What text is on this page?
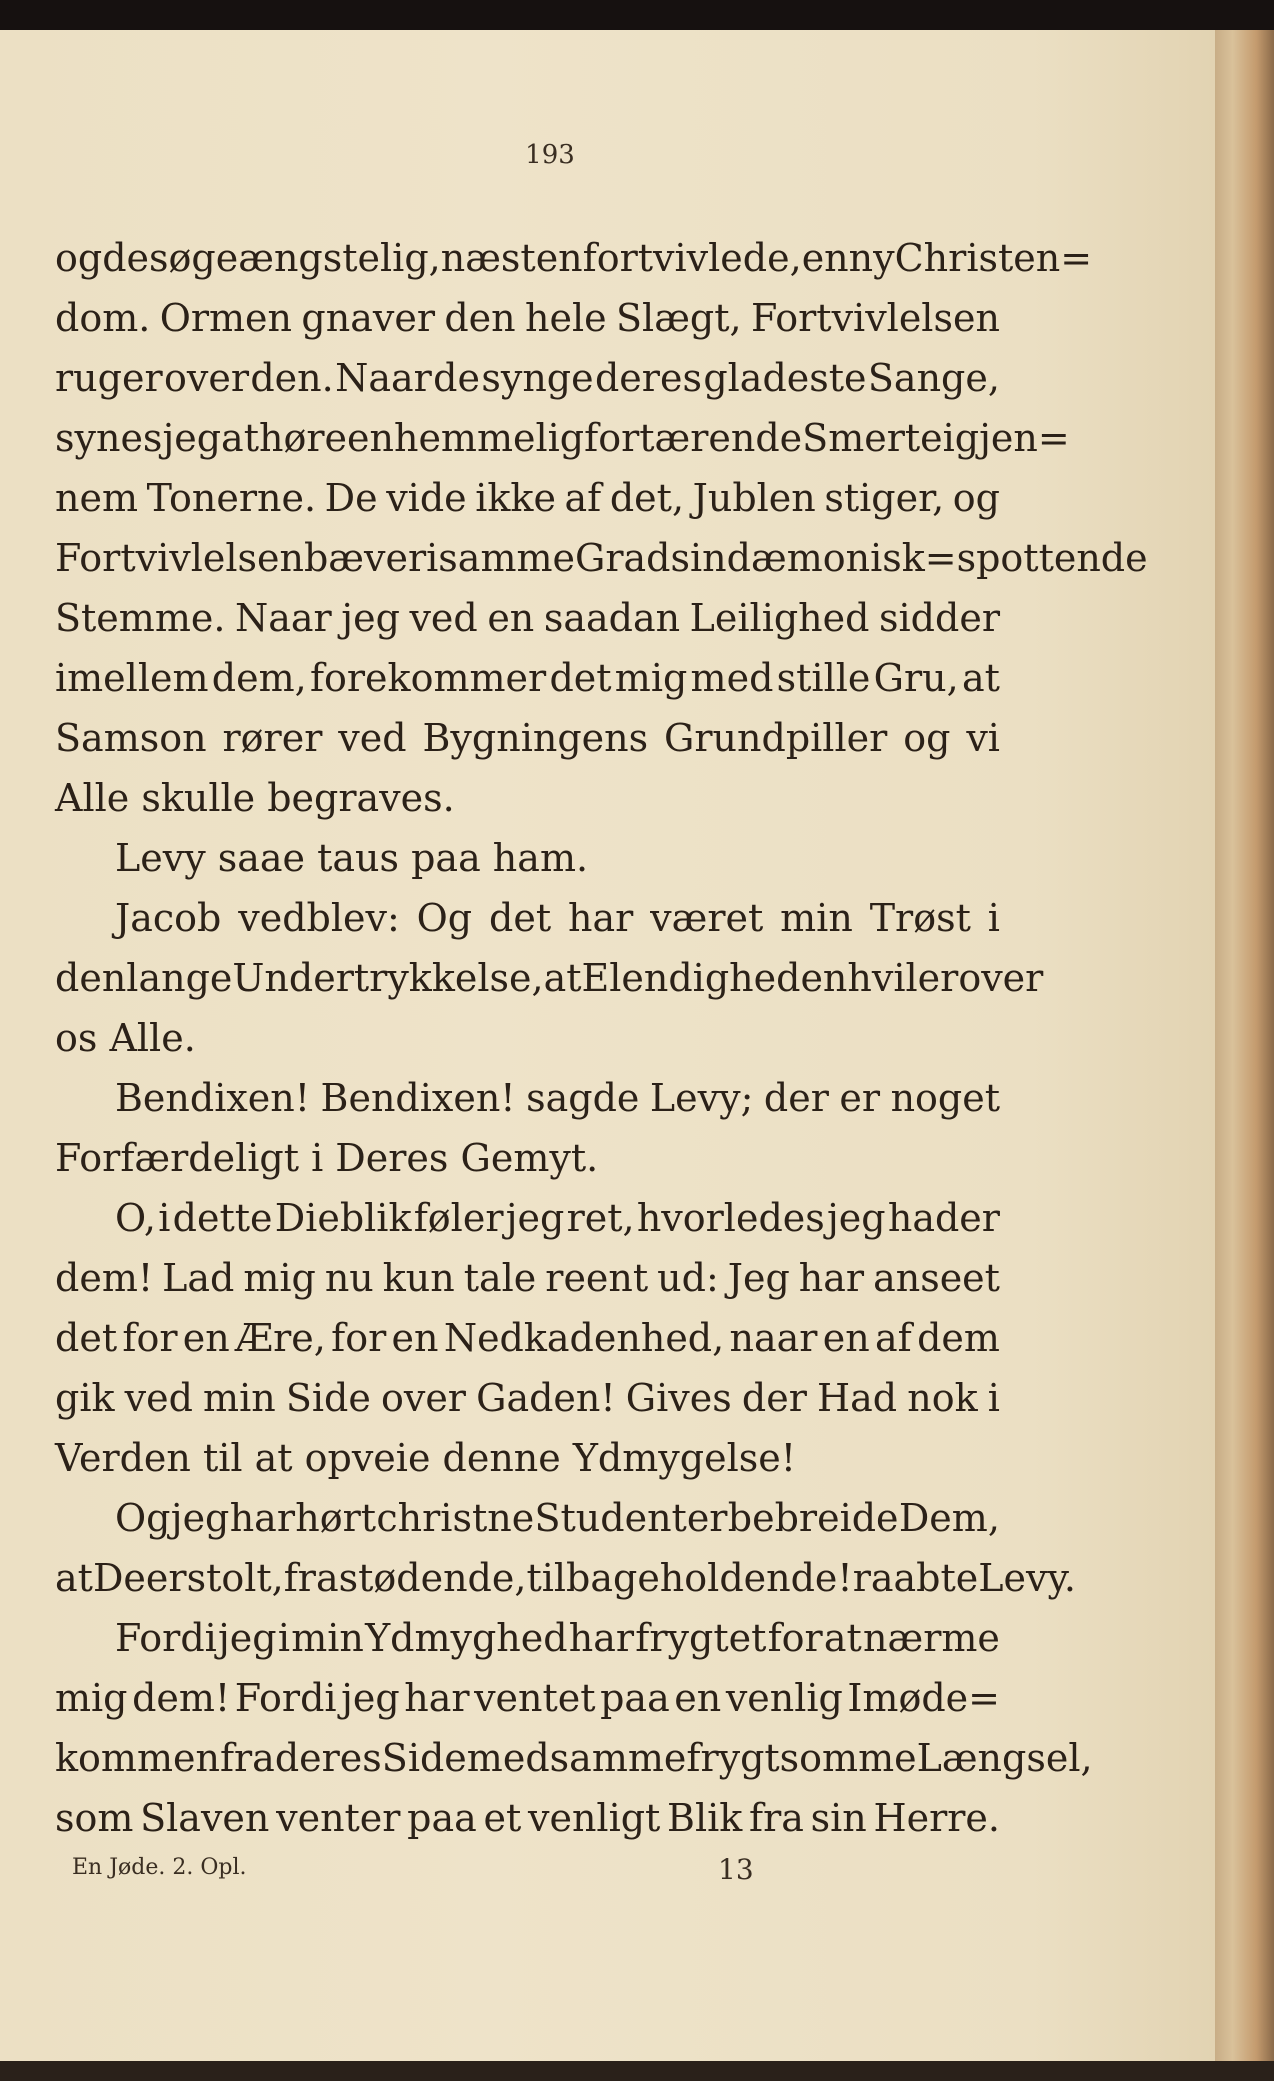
193
og de søge ængstelig, næsten fortvivlede, en ny Christen=
dom. Ormen gnaver den hele Slægt, Fortvivlelsen
ruger over den. Naar de synge deres gladeste Sange,
synes jeg at høre en hemmelig fortærende Smerte igjen=
nem Tonerne. De vide ikke af det, Jublen stiger, og
Fortvivlelsen bæver i samme Grad sin dæmonisk=spottende
Stemme. Naar jeg ved en saadan Leilighed sidder
imellem dem, forekommer det mig med stille Gru, at
Samson rører ved Bygningens Grundpiller og vi
Alle skulle begraves.
Levy saae taus paa ham.
Jacob vedblev: Og det har været min Trøst i
den lange Undertrykkelse, at Elendigheden hviler over
os Alle.
Bendixen! Bendixen! sagde Levy; der er noget
Forfærdeligt i Deres Gemyt.
O, i dette Dieblik føler jeg ret, hvorledes jeg hader
dem! Lad mig nu kun tale reent ud: Jeg har anseet
det for en Ære, for en Nedkadenhed, naar en af dem
gik ved min Side over Gaden! Gives der Had nok i
Verden til at opveie denne Ydmygelse!
Og jeg har hørt christne Studenter bebreide Dem,
at De er stolt, frastødende, tilbageholdende! raabte Levy.
Fordi jeg i min Ydmyghed har frygtet for at nærme
mig dem! Fordi jeg har ventet paa en venlig Imøde=
kommen fra deres Side med samme frygtsomme Længsel,
som Slaven venter paa et venligt Blik fra sin Herre.
En Jøde. 2. Opl.	13
